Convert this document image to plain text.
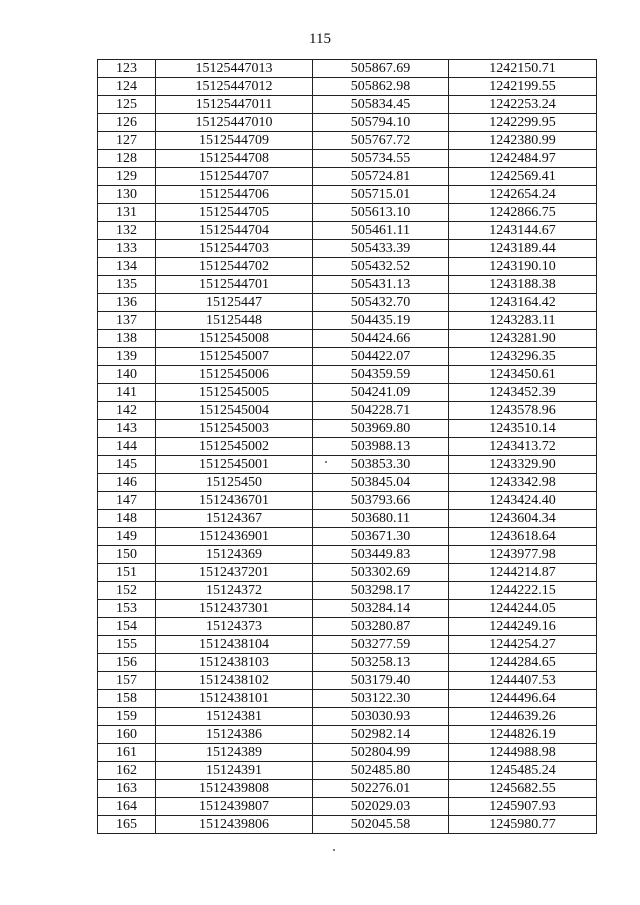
115
123	15125447013	505867.69	1242150.71
124	15125447012	505862.98	1242199.55
125	15125447011	505834.45	1242253.24
126	15125447010	505794.10	1242299.95
127	1512544709	505767.72	1242380.99
128	1512544708	505734.55	1242484.97
129	1512544707	505724.81	1242569.41
130	1512544706	505715.01	1242654.24
131	1512544705	505613.10	1242866.75
132	1512544704	505461.11	1243144.67
133	1512544703	505433.39	1243189.44
134	1512544702	505432.52	1243190.10
135	1512544701	505431.13	1243188.38
136	15125447	505432.70	1243164.42
137	15125448	504435.19	1243283.11
138	1512545008	504424.66	1243281.90
139	1512545007	504422.07	1243296.35
140	1512545006	504359.59	1243450.61
141	1512545005	504241.09	1243452.39
142	1512545004	504228.71	1243578.96
143	1512545003	503969.80	1243510.14
144	1512545002	503988.13	1243413.72
145	1512545001	503853.30	1243329.90
146	15125450	503845.04	1243342.98
147	1512436701	503793.66	1243424.40
148	15124367	503680.11	1243604.34
149	1512436901	503671.30	1243618.64
150	15124369	503449.83	1243977.98
151	1512437201	503302.69	1244214.87
152	15124372	503298.17	1244222.15
153	1512437301	503284.14	1244244.05
154	15124373	503280.87	1244249.16
155	1512438104	503277.59	1244254.27
156	1512438103	503258.13	1244284.65
157	1512438102	503179.40	1244407.53
158	1512438101	503122.30	1244496.64
159	15124381	503030.93	1244639.26
160	15124386	502982.14	1244826.19
161	15124389	502804.99	1244988.98
162	15124391	502485.80	1245485.24
163	1512439808	502276.01	1245682.55
164	1512439807	502029.03	1245907.93
165	1512439806	502045.58	1245980.77
